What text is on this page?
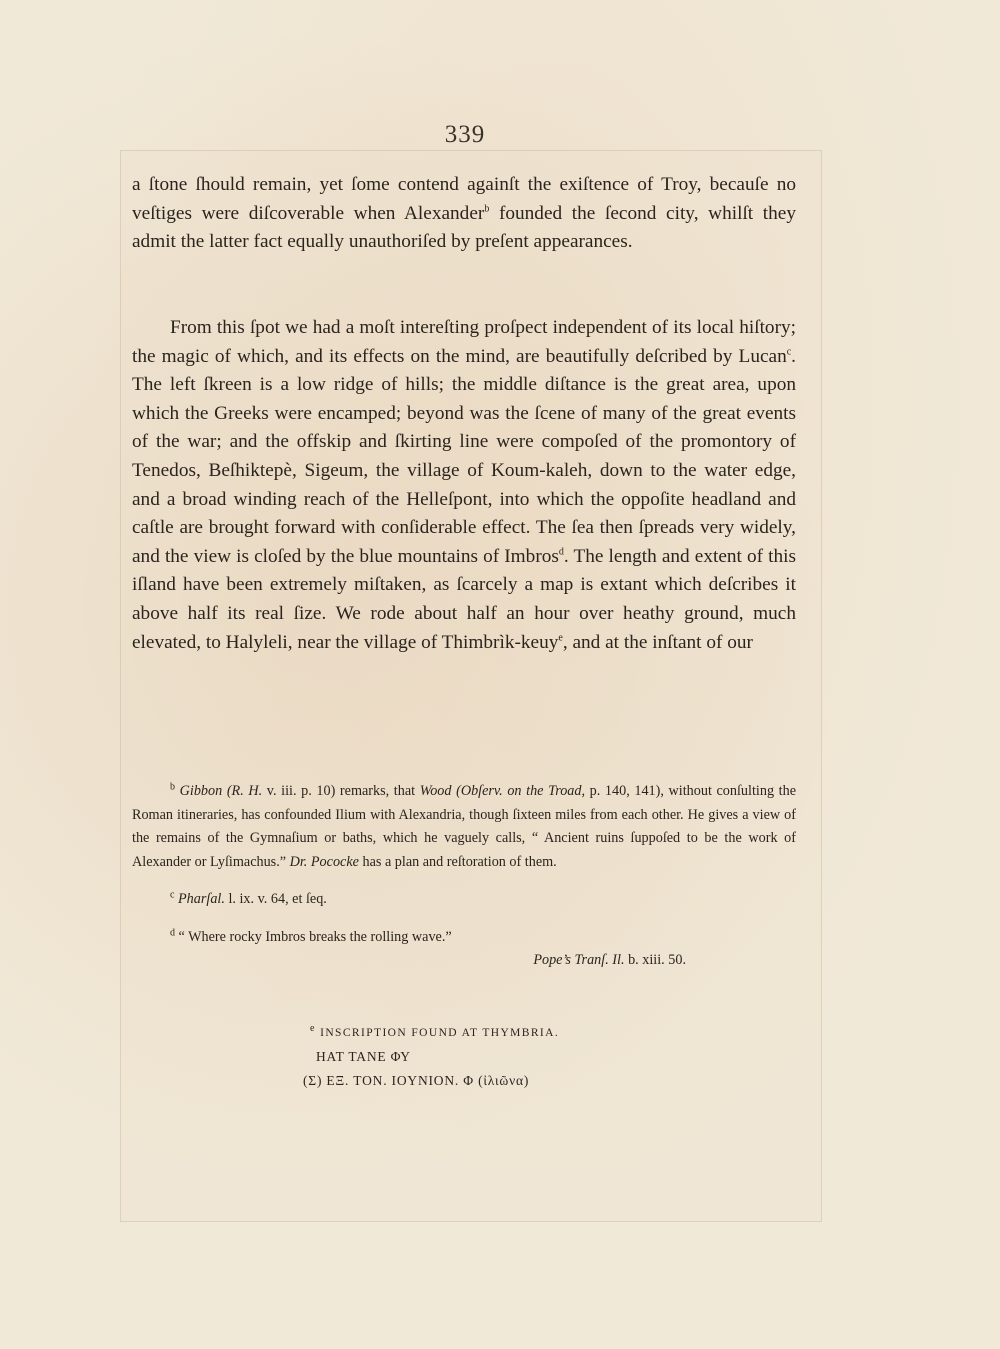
339

a ſtone ſhould remain, yet ſome contend againſt the exiſtence of Troy, becauſe no veſtiges were diſcoverable when Alexander$^b$ founded the ſecond city, whilſt they admit the latter fact equally unauthoriſed by preſent appearances.

From this ſpot we had a moſt intereſting proſpect independent of its local hiſtory; the magic of which, and its effects on the mind, are beautifully deſcribed by Lucan$^c$. The left ſkreen is a low ridge of hills; the middle diſtance is the great area, upon which the Greeks were encamped; beyond was the ſcene of many of the great events of the war; and the offskip and ſkirting line were compoſed of the promontory of Tenedos, Beſhiktepè, Sigeum, the village of Koum-kaleh, down to the water edge, and a broad winding reach of the Helleſpont, into which the oppoſite headland and caſtle are brought forward with conſiderable effect. The ſea then ſpreads very widely, and the view is cloſed by the blue mountains of Imbros$^d$. The length and extent of this iſland have been extremely miſtaken, as ſcarcely a map is extant which deſcribes it above half its real ſize. We rode about half an hour over heathy ground, much elevated, to Halyleli, near the village of Thimbrìk-keuy$^e$, and at the inſtant of our

$^b$ Gibbon (R. H. v. iii. p. 10) remarks, that Wood (Obſerv. on the Troad, p. 140, 141), without conſulting the Roman itineraries, has confounded Ilium with Alexandria, though ſixteen miles from each other. He gives a view of the remains of the Gymnaſium or baths, which he vaguely calls, “ Ancient ruins ſuppoſed to be the work of Alexander or Lyſimachus.” Dr. Pococke has a plan and reſtoration of them.

$^c$ Pharſal. l. ix. v. 64, et ſeq.

$^d$ “ Where rocky Imbros breaks the rolling wave.”

Pope’s Tranſ. Il. b. xiii. 50.

$^e$ INSCRIPTION FOUND AT THYMBRIA.
HAT TANE ΦΥ
(Σ) EΞ. TON. IOΥNION. Φ (ἰλιῶνα)
